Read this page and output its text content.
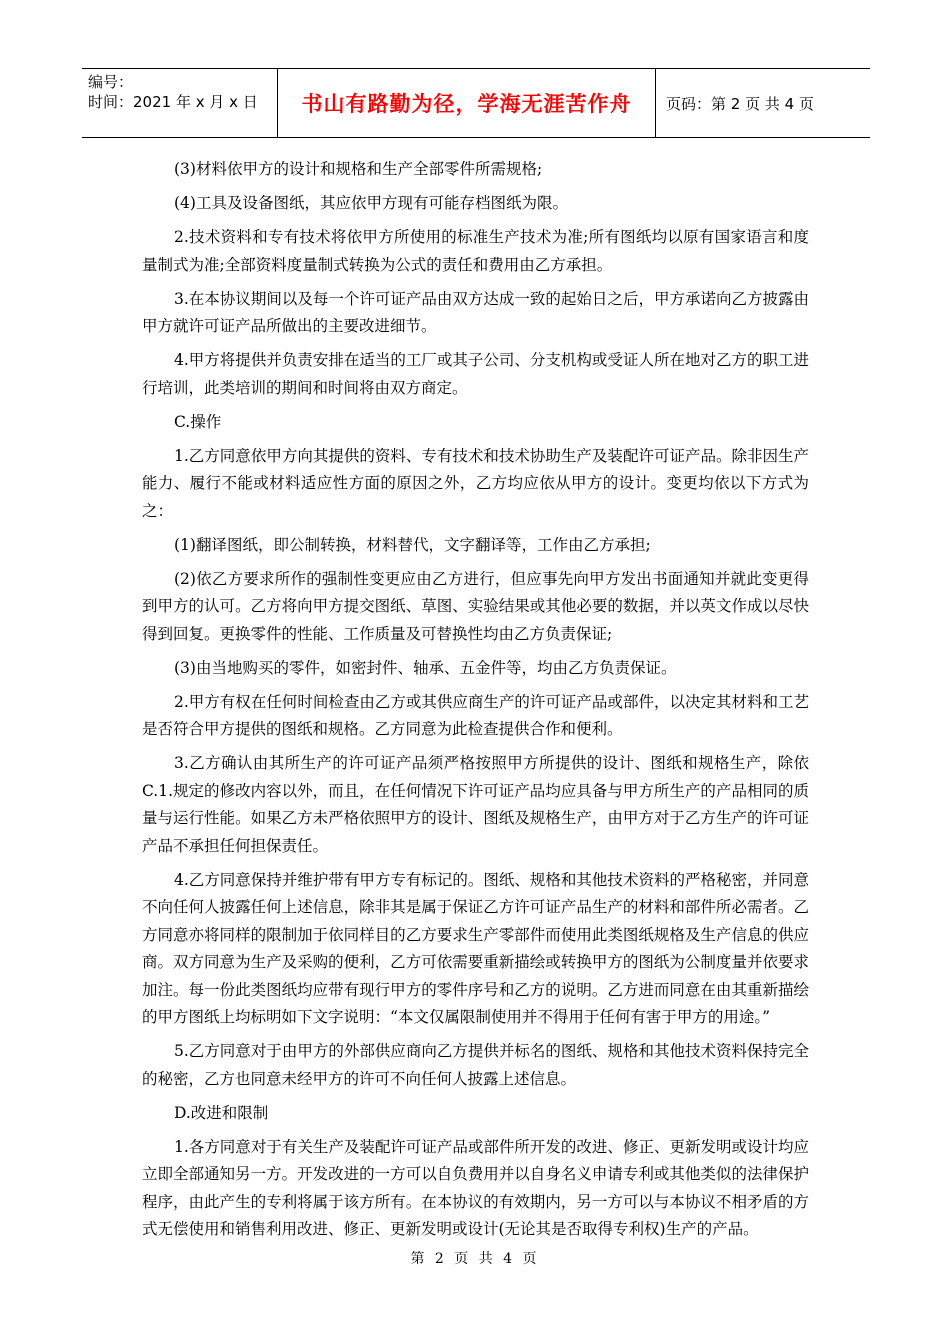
编号：
时间：2021 年 x 月 x 日	书山有路勤为径，学海无涯苦作舟 页码：第 2 页 共 4 页

(3)材料依甲方的设计和规格和生产全部零件所需规格;

(4)工具及设备图纸，其应依甲方现有可能存档图纸为限。

2.技术资料和专有技术将依甲方所使用的标准生产技术为准;所有图纸均以原有国家语言和度量制式为准;全部资料度量制式转换为公式的责任和费用由乙方承担。

3.在本协议期间以及每一个许可证产品由双方达成一致的起始日之后，甲方承诺向乙方披露由甲方就许可证产品所做出的主要改进细节。

4.甲方将提供并负责安排在适当的工厂或其子公司、分支机构或受证人所在地对乙方的职工进行培训，此类培训的期间和时间将由双方商定。

C.操作

1.乙方同意依甲方向其提供的资料、专有技术和技术协助生产及装配许可证产品。除非因生产能力、履行不能或材料适应性方面的原因之外，乙方均应依从甲方的设计。变更均依以下方式为之：

(1)翻译图纸，即公制转换，材料替代，文字翻译等，工作由乙方承担;

(2)依乙方要求所作的强制性变更应由乙方进行，但应事先向甲方发出书面通知并就此变更得到甲方的认可。乙方将向甲方提交图纸、草图、实验结果或其他必要的数据，并以英文作成以尽快得到回复。更换零件的性能、工作质量及可替换性均由乙方负责保证;

(3)由当地购买的零件，如密封件、轴承、五金件等，均由乙方负责保证。

2.甲方有权在任何时间检查由乙方或其供应商生产的许可证产品或部件，以决定其材料和工艺是否符合甲方提供的图纸和规格。乙方同意为此检查提供合作和便利。

3.乙方确认由其所生产的许可证产品须严格按照甲方所提供的设计、图纸和规格生产，除依C.1.规定的修改内容以外，而且，在任何情况下许可证产品均应具备与甲方所生产的产品相同的质量与运行性能。如果乙方未严格依照甲方的设计、图纸及规格生产，由甲方对于乙方生产的许可证产品不承担任何担保责任。

4.乙方同意保持并维护带有甲方专有标记的。图纸、规格和其他技术资料的严格秘密，并同意不向任何人披露任何上述信息，除非其是属于保证乙方许可证产品生产的材料和部件所必需者。乙方同意亦将同样的限制加于依同样目的乙方要求生产零部件而使用此类图纸规格及生产信息的供应商。双方同意为生产及采购的便利，乙方可依需要重新描绘或转换甲方的图纸为公制度量并依要求加注。每一份此类图纸均应带有现行甲方的零件序号和乙方的说明。乙方进而同意在由其重新描绘的甲方图纸上均标明如下文字说明：“本文仅属限制使用并不得用于任何有害于甲方的用途。”

5.乙方同意对于由甲方的外部供应商向乙方提供并标名的图纸、规格和其他技术资料保持完全的秘密，乙方也同意未经甲方的许可不向任何人披露上述信息。

D.改进和限制

1.各方同意对于有关生产及装配许可证产品或部件所开发的改进、修正、更新发明或设计均应立即全部通知另一方。开发改进的一方可以自负费用并以自身名义申请专利或其他类似的法律保护程序，由此产生的专利将属于该方所有。在本协议的有效期内，另一方可以与本协议不相矛盾的方式无偿使用和销售利用改进、修正、更新发明或设计(无论其是否取得专利权)生产的产品。

第 2 页 共 4 页
